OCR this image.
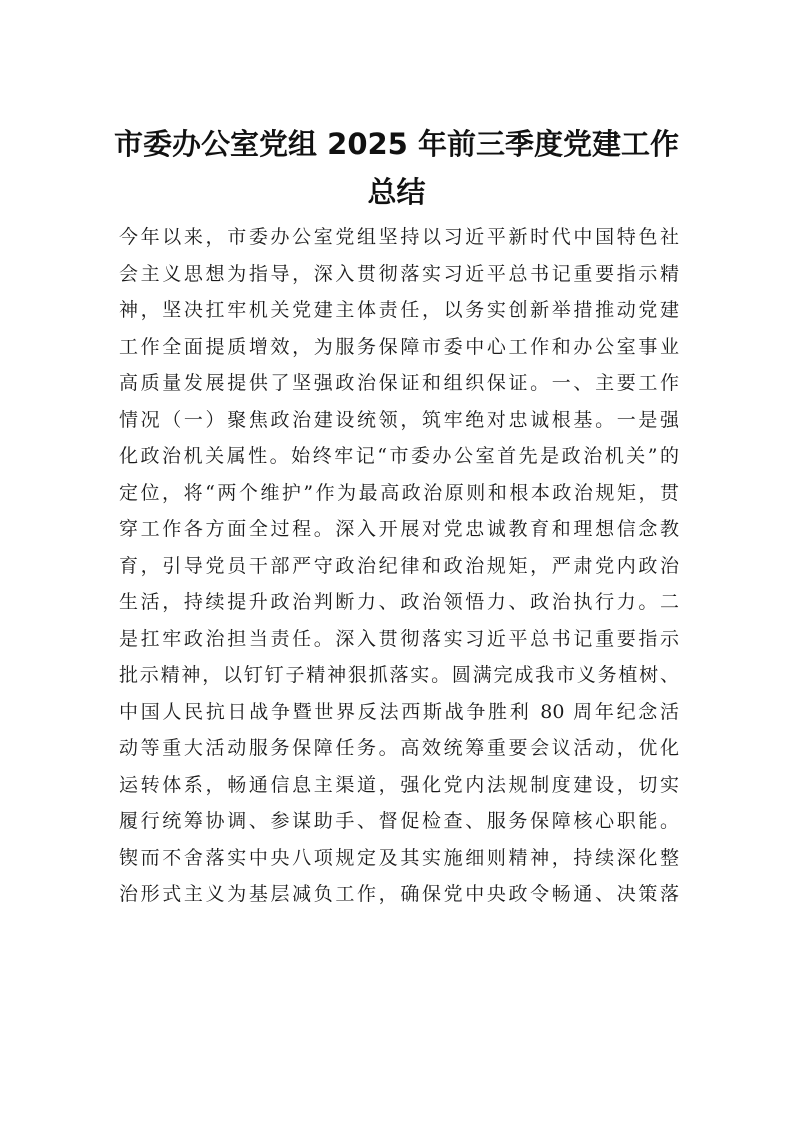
市委办公室党组 2025 年前三季度党建工作
总结
今年以来，市委办公室党组坚持以习近平新时代中国特色社
会主义思想为指导，深入贯彻落实习近平总书记重要指示精
神，坚决扛牢机关党建主体责任，以务实创新举措推动党建
工作全面提质增效，为服务保障市委中心工作和办公室事业
高质量发展提供了坚强政治保证和组织保证。一、主要工作
情况（一）聚焦政治建设统领，筑牢绝对忠诚根基。一是强
化政治机关属性。始终牢记“市委办公室首先是政治机关”的
定位，将“两个维护”作为最高政治原则和根本政治规矩，贯
穿工作各方面全过程。深入开展对党忠诚教育和理想信念教
育，引导党员干部严守政治纪律和政治规矩，严肃党内政治
生活，持续提升政治判断力、政治领悟力、政治执行力。二
是扛牢政治担当责任。深入贯彻落实习近平总书记重要指示
批示精神，以钉钉子精神狠抓落实。圆满完成我市义务植树、
中国人民抗日战争暨世界反法西斯战争胜利 80 周年纪念活
动等重大活动服务保障任务。高效统筹重要会议活动，优化
运转体系，畅通信息主渠道，强化党内法规制度建设，切实
履行统筹协调、参谋助手、督促检查、服务保障核心职能。
锲而不舍落实中央八项规定及其实施细则精神，持续深化整
治形式主义为基层减负工作，确保党中央政令畅通、决策落
